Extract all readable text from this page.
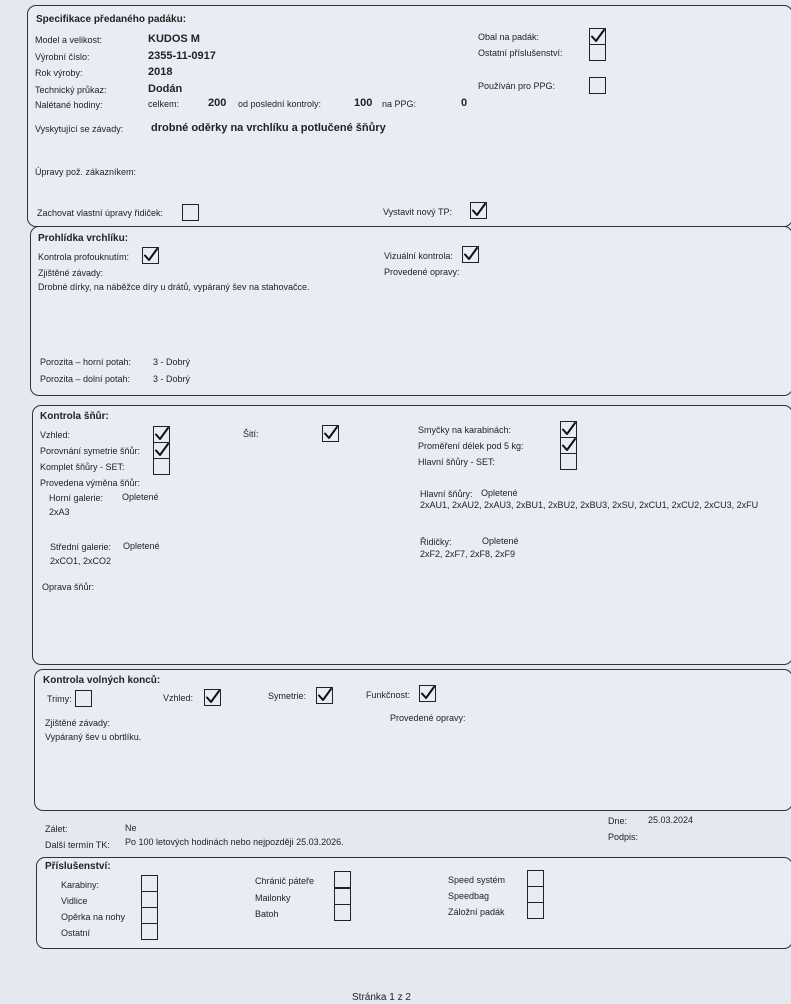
Specifikace předaného padáku:
Model a velikost:	KUDOS M
Výrobní číslo:	2355-11-0917
Rok výroby:	2018
Technický průkaz:	Dodán
Nalétané hodiny:	celkem:	200 od poslední kontroly:	100 na PPG:	0
Vyskytující se závady:	drobné oděrky na vrchlíku a potlučené šňůry
Úpravy pož. zákazníkem:
Zachovat vlastní úpravy řidiček:	Vystavit nový TP:
Obal na padák:
Ostatní příslušenství:
Používán pro PPG:
Prohlídka vrchlíku:
Kontrola profouknutím:	Vizuální kontrola:
Zjištěné závady:	Provedené opravy:
Drobné dírky, na náběžce díry u drátů, vypáraný šev na stahovačce.
Porozita – horní potah: 3 - Dobrý
Porozita – dolní potah:	3 - Dobrý
Kontrola šňůr:
Vzhled:
Porovnání symetrie šňůr:
Komplet šňůry - SET:
Šití:	Smyčky na karabinách:
Proměření délek pod 5 kg:
Hlavní šňůry - SET:
Provedena výměna šňůr:
Horní galerie: Opletené
2xA3
Střední galerie: Opletené
2xCO1, 2xCO2
Hlavní šňůry: Opletené
2xAU1, 2xAU2, 2xAU3, 2xBU1, 2xBU2, 2xBU3, 2xSU, 2xCU1, 2xCU2, 2xCU3, 2xFU
Řidičky:	Opletené
2xF2, 2xF7, 2xF8, 2xF9
Oprava šňůr:
Kontrola volných konců:
Trimy:	Vzhled:	Symetrie:	Funkčnost:
Zjištěné závady:
Vypáraný šev u obrtlíku.
Provedené opravy:
Dne: 25.03.2024
Podpis:
Zálet:	Ne
Další termín TK: Po 100 letových hodinách nebo nejpozději 25.03.2026.
Příslušenství:
Karabiny:
Vidlice
Opěrka na nohy
Ostatní
Chránič páteře
Mailonky
Batoh
Speed systém
Speedbag
Záložní padák
Stránka 1 z 2
